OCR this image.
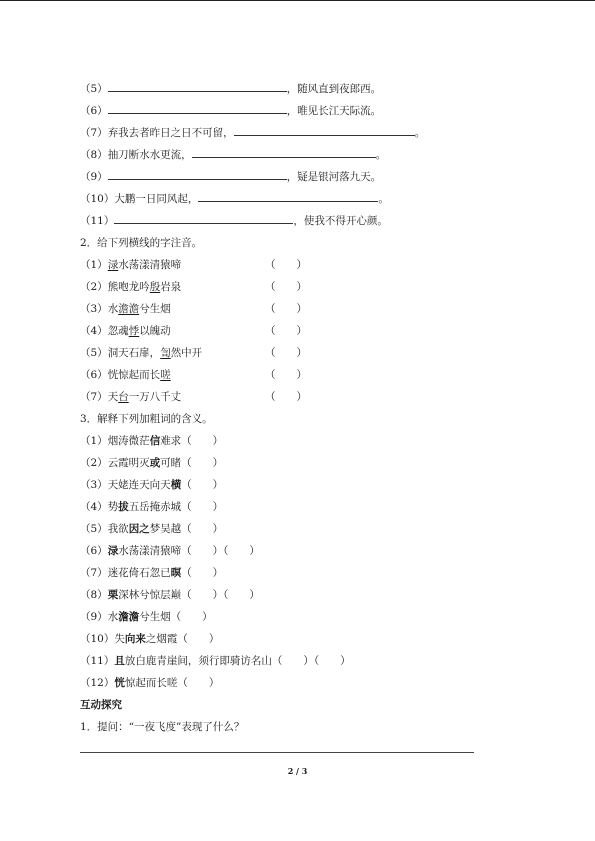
（5）	，随风直到夜郎西。
（6）	，唯见长江天际流。
（7）弃我去者昨日之日不可留，	。
（8）抽刀断水水更流，	。
（9）	，疑是银河落九天。
（10）大鹏一日同风起，	。
（11）	，使我不得开心颜。
2．给下列横线的字注音。
（1）渌水荡漾清猿啼	（　　）
（2）熊咆龙吟殷岩泉	（　　）
（3）水澹澹兮生烟	（　　）
（4）忽魂悸以魄动	（　　）
（5）洞天石扉，訇然中开	（　　）
（6）恍惊起而长嗟	（　　）
（7）天台一万八千丈	（　　）
3．解释下列加粗词的含义。
（1）烟涛微茫信难求（　　）
（2）云霞明灭或可睹（　　）
（3）天姥连天向天横（　　）
（4）势拔五岳掩赤城（　　）
（5）我欲因之梦吴越（　　）
（6）渌水荡漾清猿啼（　　）（　　）
（7）迷花倚石忽已暝（　　）
（8）栗深林兮惊层巅（　　）（　　）
（9）水澹澹兮生烟（　　）
（10）失向来之烟霞（　　）
（11）且放白鹿青崖间，须行即骑访名山（　　）（　　）
（12）恍惊起而长嗟（　　）
互动探究
1．提问：“一夜飞度”表现了什么？
2 / 3
